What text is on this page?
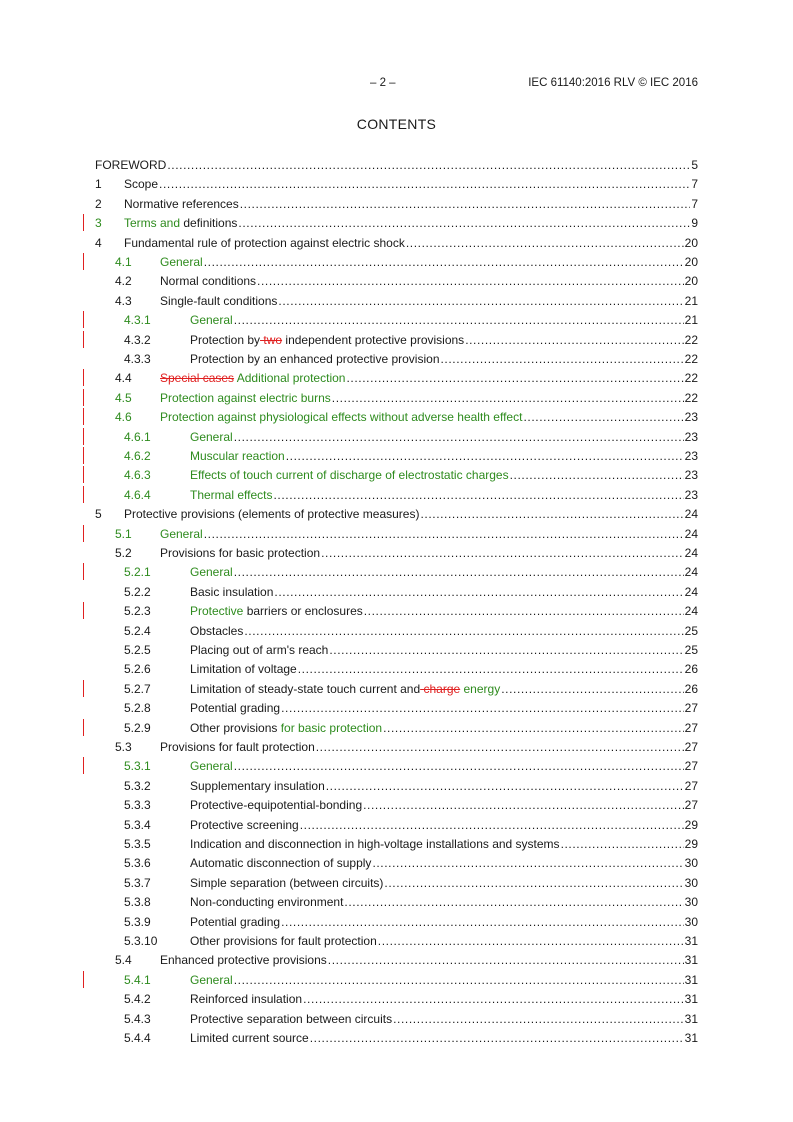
– 2 –	IEC 61140:2016 RLV © IEC 2016
CONTENTS
FOREWORD .....	5
1 Scope .....	7
2 Normative references .....	7
3 Terms and definitions .....	9
4 Fundamental rule of protection against electric shock .....	20
4.1 General .....	20
4.2 Normal conditions .....	20
4.3 Single-fault conditions .....	21
4.3.1	General .....	21
4.3.2	Protection by two independent protective provisions .....	22
4.3.3	Protection by an enhanced protective provision .....	22
4.4 Special cases Additional protection .....	22
4.5 Protection against electric burns .....	22
4.6 Protection against physiological effects without adverse health effect .....	23
4.6.1	General .....	23
4.6.2	Muscular reaction .....	23
4.6.3	Effects of touch current of discharge of electrostatic charges .....	23
4.6.4	Thermal effects .....	23
5 Protective provisions (elements of protective measures) .....	24
5.1 General .....	24
5.2 Provisions for basic protection .....	24
5.2.1	General .....	24
5.2.2	Basic insulation .....	24
5.2.3	Protective barriers or enclosures .....	24
5.2.4	Obstacles .....	25
5.2.5	Placing out of arm's reach .....	25
5.2.6	Limitation of voltage .....	26
5.2.7	Limitation of steady-state touch current and charge energy .....	26
5.2.8	Potential grading .....	27
5.2.9	Other provisions for basic protection .....	27
5.3 Provisions for fault protection .....	27
5.3.1	General .....	27
5.3.2	Supplementary insulation .....	27
5.3.3	Protective-equipotential-bonding .....	27
5.3.4	Protective screening .....	29
5.3.5	Indication and disconnection in high-voltage installations and systems .....	29
5.3.6	Automatic disconnection of supply .....	30
5.3.7	Simple separation (between circuits) .....	30
5.3.8	Non-conducting environment .....	30
5.3.9	Potential grading .....	30
5.3.10	Other provisions for fault protection .....	31
5.4 Enhanced protective provisions .....	31
5.4.1	General .....	31
5.4.2	Reinforced insulation .....	31
5.4.3	Protective separation between circuits .....	31
5.4.4	Limited current source .....	31
